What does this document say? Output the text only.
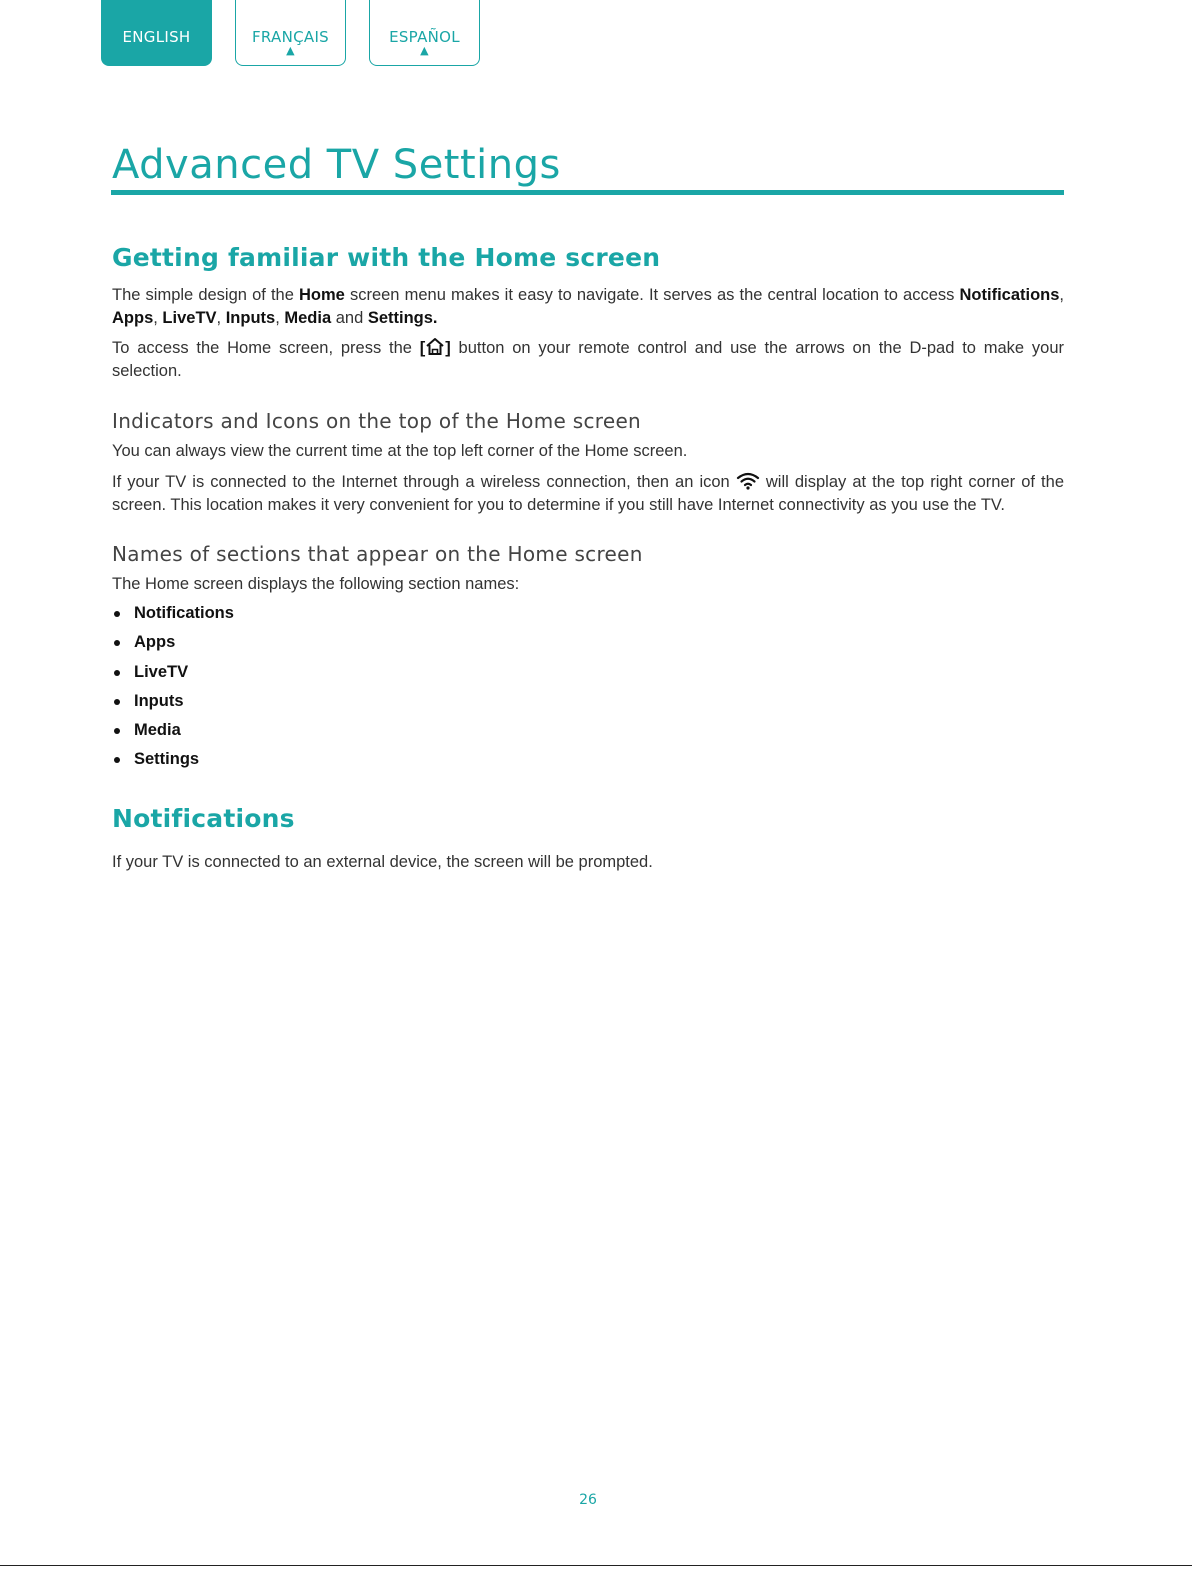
ENGLISH	FRANÇAIS
▲
ESPAÑOL
▲
Advanced TV Settings
Getting familiar with the Home screen

The simple design of the Home screen menu makes it easy to navigate. It serves as the central location to access Notifications, Apps, LiveTV, Inputs, Media and Settings.

To access the Home screen, press the [ ] button on your remote control and use the arrows on the D-pad to make your selection.

Indicators and Icons on the top of the Home screen

You can always view the current time at the top left corner of the Home screen.

If your TV is connected to the Internet through a wireless connection, then an icon  will display at the top right corner of the screen. This location makes it very convenient for you to determine if you still have Internet connectivity as you use the TV.

Names of sections that appear on the Home screen

The Home screen displays the following section names:

Notifications
Apps
LiveTV
Inputs
Media
Settings
Notifications

If your TV is connected to an external device, the screen will be prompted.

26
